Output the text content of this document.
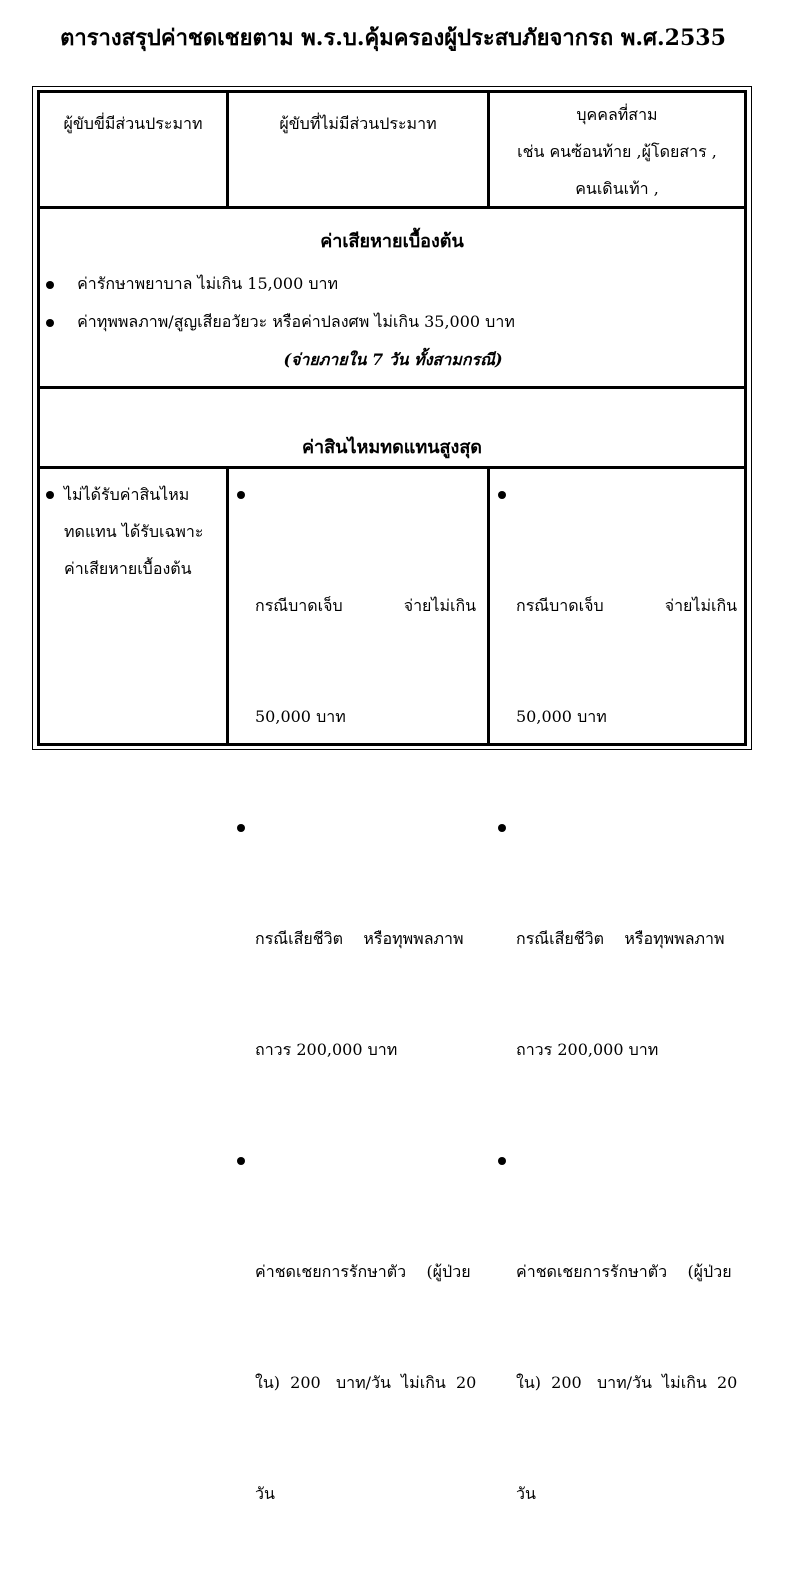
ตารางสรุปค่าชดเชยตาม พ.ร.บ.คุ้มครองผู้ประสบภัยจากรถ พ.ศ.2535
ผู้ขับขี่มีส่วนประมาท	ผู้ขับที่ไม่มีส่วนประมาท	บุคคลที่สาม
เช่น คนซ้อนท้าย ,ผู้โดยสาร ,
คนเดินเท้า ,
ค่าเสียหายเบื้องต้น
ค่ารักษาพยาบาล ไม่เกิน 15,000 บาท
ค่าทุพพลภาพ/สูญเสียอวัยวะ หรือค่าปลงศพ ไม่เกิน 35,000 บาท
(จ่ายภายใน 7 วัน ทั้งสามกรณี)
ค่าสินไหมทดแทนสูงสุด
ไม่ได้รับค่าสินไหม
ทดแทน ได้รับเฉพาะ
ค่าเสียหายเบื้องต้น

กรณีบาดเจ็บ            จ่ายไม่เกิน

50,000 บาท

กรณีเสียชีวิต    หรือทุพพลภาพ

ถาวร 200,000 บาท

ค่าชดเชยการรักษาตัว    (ผู้ป่วย

ใน)  200   บาท/วัน  ไม่เกิน  20

วัน

กรณีบาดเจ็บ            จ่ายไม่เกิน

50,000 บาท

กรณีเสียชีวิต    หรือทุพพลภาพ

ถาวร 200,000 บาท

ค่าชดเชยการรักษาตัว    (ผู้ป่วย

ใน)  200   บาท/วัน  ไม่เกิน  20

วัน
